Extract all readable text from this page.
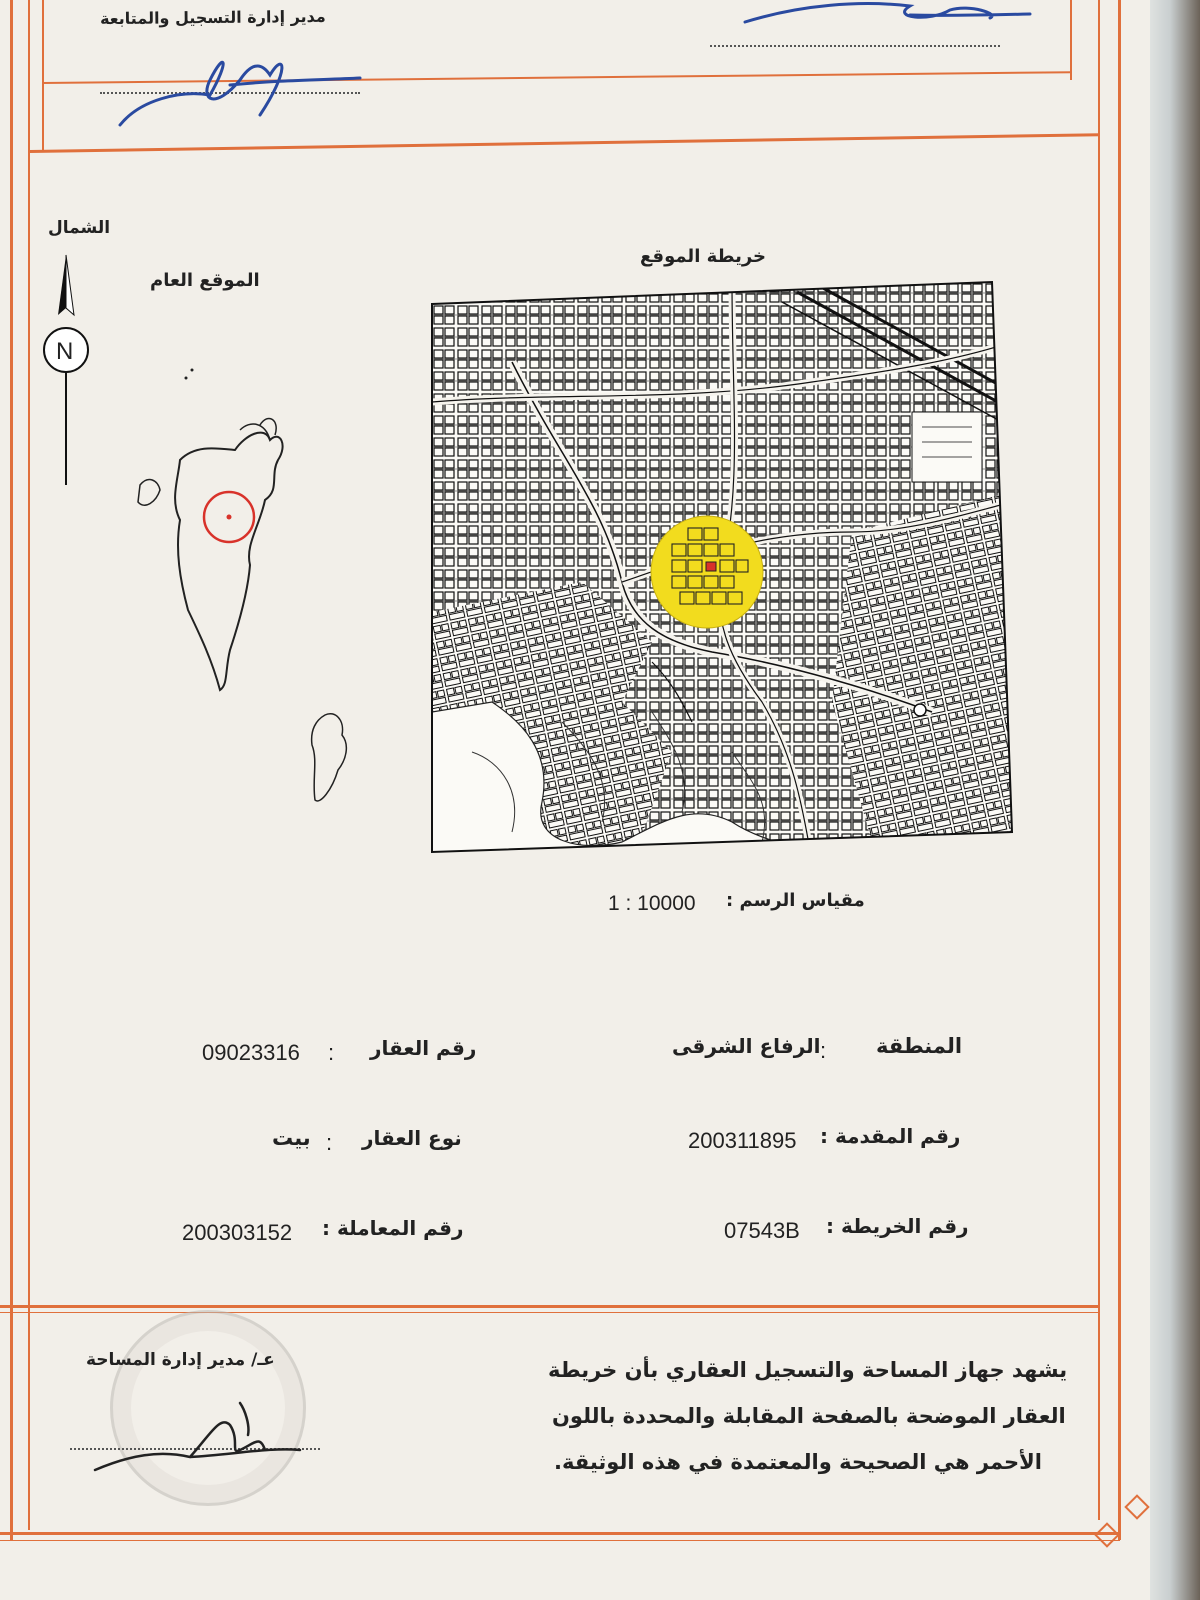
مدير إدارة التسجيل والمتابعة
الشمال
N
الموقع العام
خريطة الموقع
مقياس الرسم :
1 : 10000
رقم العقار
:
09023316
نوع العقار
:
بيت
رقم المعاملة :
200303152
المنطقة
:
الرفاع الشرقى
رقم المقدمة :
200311895
رقم الخريطة :
07543B
عـ/ مدير إدارة المساحة	يشهد جهاز المساحة والتسجيل العقاري بأن خريطة
العقار الموضحة بالصفحة المقابلة والمحددة باللون
الأحمر هي الصحيحة والمعتمدة في هذه الوثيقة.
